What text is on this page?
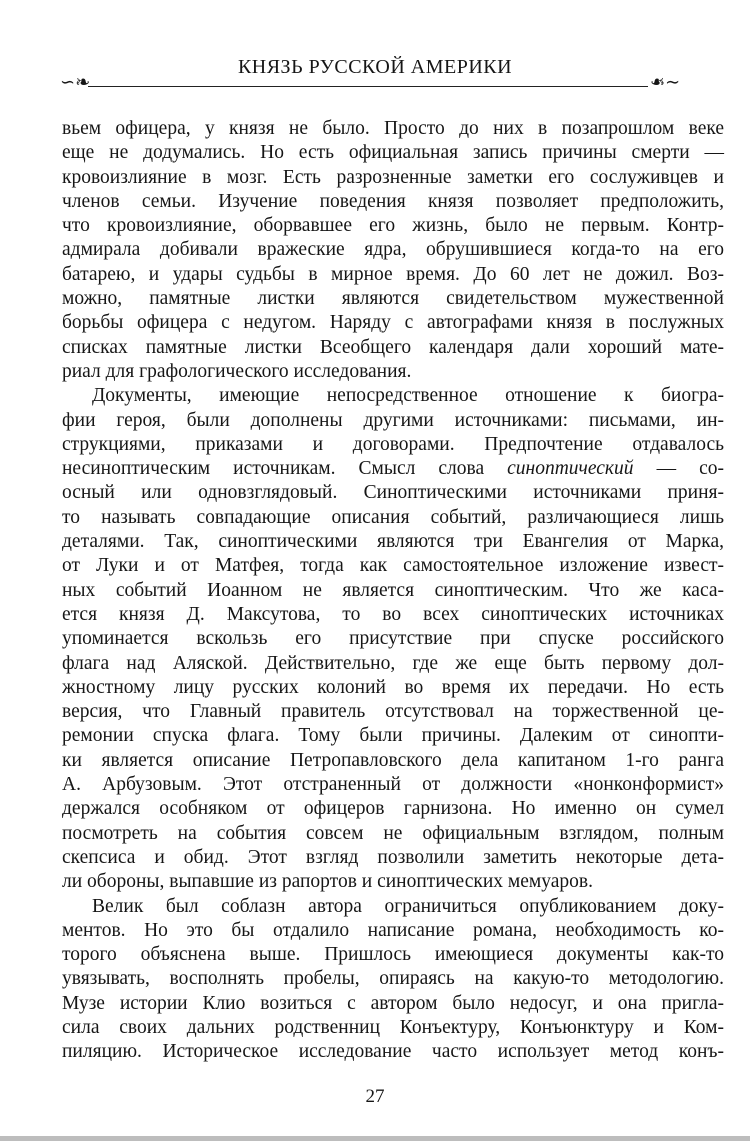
КНЯЗЬ РУССКОЙ АМЕРИКИ
∽❧	∽❧
вьем офицера, у князя не было. Просто до них в позапрошлом веке
еще не додумались. Но есть официальная запись причины смерти —
кровоизлияние в мозг. Есть разрозненные заметки его сослуживцев и
членов семьи. Изучение поведения князя позволяет предположить,
что кровоизлияние, оборвавшее его жизнь, было не первым. Контр-
адмирала добивали вражеские ядра, обрушившиеся когда-то на его
батарею, и удары судьбы в мирное время. До 60 лет не дожил. Воз-
можно, памятные листки являются свидетельством мужественной
борьбы офицера с недугом. Наряду с автографами князя в послужных
списках памятные листки Всеобщего календаря дали хороший мате-
риал для графологического исследования.
Документы, имеющие непосредственное отношение к биогра-
фии героя, были дополнены другими источниками: письмами, ин-
струкциями, приказами и договорами. Предпочтение отдавалось
несиноптическим источникам. Смысл слова синоптический — со-
осный или одновзглядовый. Синоптическими источниками приня-
то называть совпадающие описания событий, различающиеся лишь
деталями. Так, синоптическими являются три Евангелия от Марка,
от Луки и от Матфея, тогда как самостоятельное изложение извест-
ных событий Иоанном не является синоптическим. Что же каса-
ется князя Д. Максутова, то во всех синоптических источниках
упоминается вскользь его присутствие при спуске российского
флага над Аляской. Действительно, где же еще быть первому дол-
жностному лицу русских колоний во время их передачи. Но есть
версия, что Главный правитель отсутствовал на торжественной це-
ремонии спуска флага. Тому были причины. Далеким от синопти-
ки является описание Петропавловского дела капитаном 1-го ранга
А. Арбузовым. Этот отстраненный от должности «нонконформист»
держался особняком от офицеров гарнизона. Но именно он сумел
посмотреть на события совсем не официальным взглядом, полным
скепсиса и обид. Этот взгляд позволили заметить некоторые дета-
ли обороны, выпавшие из рапортов и синоптических мемуаров.
Велик был соблазн автора ограничиться опубликованием доку-
ментов. Но это бы отдалило написание романа, необходимость ко-
торого объяснена выше. Пришлось имеющиеся документы как-то
увязывать, восполнять пробелы, опираясь на какую-то методологию.
Музе истории Клио возиться с автором было недосуг, и она пригла-
сила своих дальних родственниц Конъектуру, Конъюнктуру и Ком-
пиляцию. Историческое исследование часто использует метод конъ-
27
